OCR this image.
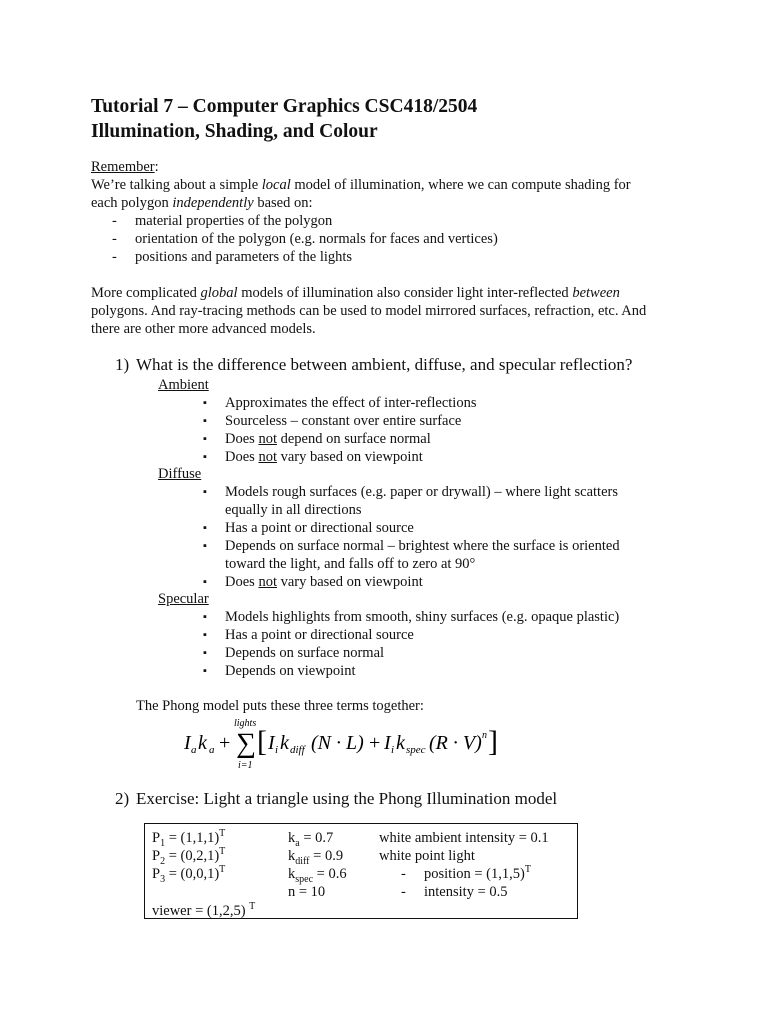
Tutorial 7 – Computer Graphics CSC418/2504
Illumination, Shading, and Colour
Remember:
We’re talking about a simple local model of illumination, where we can compute shading for
each polygon independently based on:
- material properties of the polygon
- orientation of the polygon (e.g. normals for faces and vertices)
- positions and parameters of the lights
More complicated global models of illumination also consider light inter-reflected between
polygons. And ray-tracing methods can be used to model mirrored surfaces, refraction, etc. And
there are other more advanced models.
1) What is the difference between ambient, diffuse, and specular reflection?
Ambient
▪ Approximates the effect of inter-reflections
▪ Sourceless – constant over entire surface
▪ Does not depend on surface normal
▪ Does not vary based on viewpoint
Diffuse
▪ Models rough surfaces (e.g. paper or drywall) – where light scatters
equally in all directions
▪ Has a point or directional source
▪ Depends on surface normal – brightest where the surface is oriented
toward the light, and falls off to zero at 90°
▪ Does not vary based on viewpoint
Specular
▪ Models highlights from smooth, shiny surfaces (e.g. opaque plastic)
▪ Has a point or directional source
▪ Depends on surface normal
▪ Depends on viewpoint
The Phong model puts these three terms together:
I a k a +
lights
∑
i=1
[ I i k diff (N · L) + I i k spec (R · V) n ]
2) Exercise: Light a triangle using the Phong Illumination model
$P_1 = (1,1,1)^T$
$P_2 = (0,2,1)^T$
$P_3 = (0,0,1)^T$
viewer = (1,2,5) $^T$
$k_a = 0.7$
$k_{diff} = 0.9$
$k_{spec} = 0.6$
n = 10
white ambient intensity = 0.1
white point light
- position = $(1,1,5)^T$
- intensity = 0.5
